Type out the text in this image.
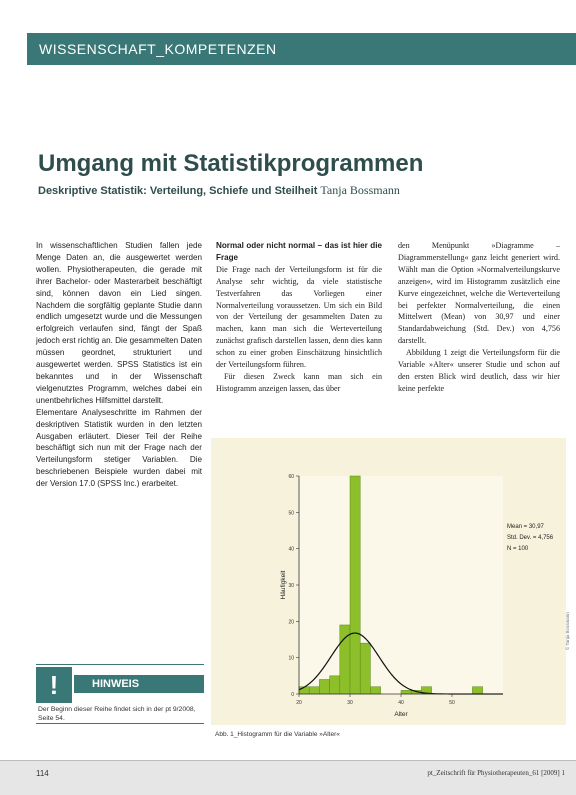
WISSENSCHAFT_KOMPETENZEN
Umgang mit Statistikprogrammen
Deskriptive Statistik: Verteilung, Schiefe und Steilheit Tanja Bossmann

In wissenschaftlichen Studien fallen jede Menge Daten an, die ausgewertet werden wollen. Physiotherapeuten, die gerade mit ihrer Bachelor- oder Masterarbeit beschäftigt sind, können davon ein Lied singen. Nachdem die sorgfältig geplante Studie dann endlich umgesetzt wurde und die Messungen erfolgreich verlaufen sind, fängt der Spaß jedoch erst richtig an. Die gesammelten Daten müssen geordnet, strukturiert und ausgewertet werden. SPSS Statistics ist ein bekanntes und in der Wissenschaft vielgenutztes Programm, welches dabei ein unentbehrliches Hilfsmittel darstellt.

Elementare Analyseschritte im Rahmen der deskriptiven Statistik wurden in den letzten Ausgaben erläutert. Dieser Teil der Reihe beschäftigt sich nun mit der Frage nach der Verteilungsform stetiger Variablen. Die beschriebenen Beispiele wurden dabei mit der Version 17.0 (SPSS Inc.) erarbeitet.

Normal oder nicht normal – das ist hier die Frage

Die Frage nach der Verteilungsform ist für die Analyse sehr wichtig, da viele statistische Testverfahren das Vorliegen einer Normalverteilung voraussetzen. Um sich ein Bild von der Verteilung der gesammelten Daten zu machen, kann man sich die Werteverteilung zunächst grafisch darstellen lassen, denn dies kann schon zu einer groben Einschätzung hinsichtlich der Verteilungsform führen.

Für diesen Zweck kann man sich ein Histogramm anzeigen lassen, das über

den Menüpunkt »Diagramme – Diagrammerstellung« ganz leicht generiert wird. Wählt man die Option »Normalverteilungskurve anzeigen«, wird im Histogramm zusätzlich eine Kurve eingezeichnet, welche die Werteverteilung bei perfekter Normalverteilung, die einen Mittelwert (Mean) von 30,97 und einer Standardabweichung (Std. Dev.) von 4,756 darstellt.

Abbildung 1 zeigt die Verteilungsform für die Variable »Alter« unserer Studie und schon auf den ersten Blick wird deutlich, dass wir hier keine perfekte

!	HINWEIS
Der Beginn dieser Reihe findet sich in der pt 9/2008, Seite 54.
0
10
20
30
40
50
60
20	30	40	50
Alter
Häufigkeit
Mean = 30,97
Std. Dev. = 4,756
N = 100
Abb. 1_Histogramm für die Variable »Alter«
© Tanja Bossmann
114	pt_Zeitschrift für Physiotherapeuten_61 [2009] 1
